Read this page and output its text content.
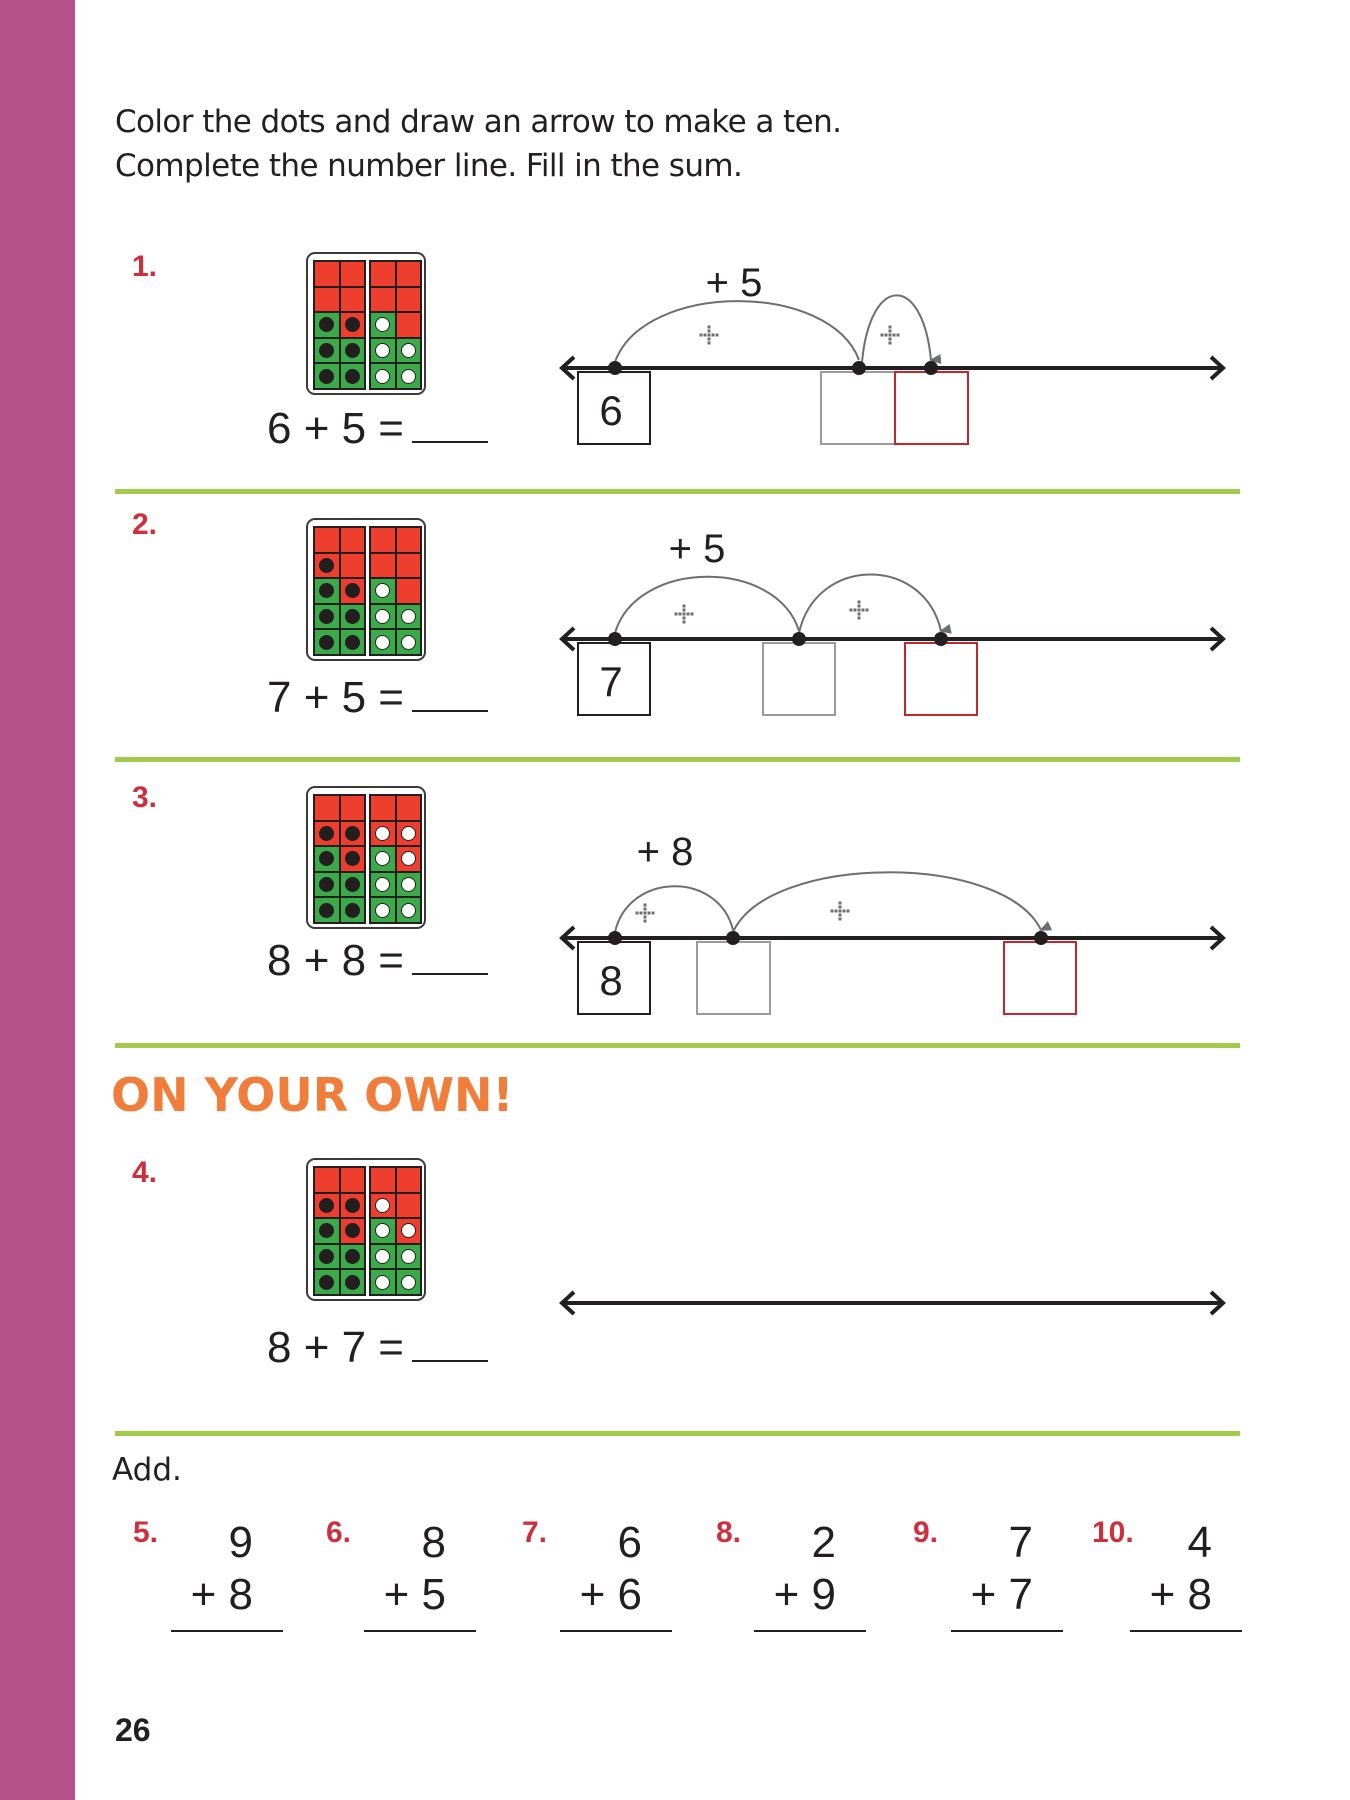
Color the dots and draw an arrow to make a ten.
Complete the number line. Fill in the sum.
1.
6 + 5 =
2.
7 + 5 =
3.
8 + 8 =
4.
8 + 7 =
ON YOUR OWN!
Add.
5. 9
+ 8
6. 8
+ 5
7. 6
+ 6
8. 2
+ 9
9. 7
+ 7
10. 4
+ 8
26
6
+ 5
7
+ 5
8
+ 8
